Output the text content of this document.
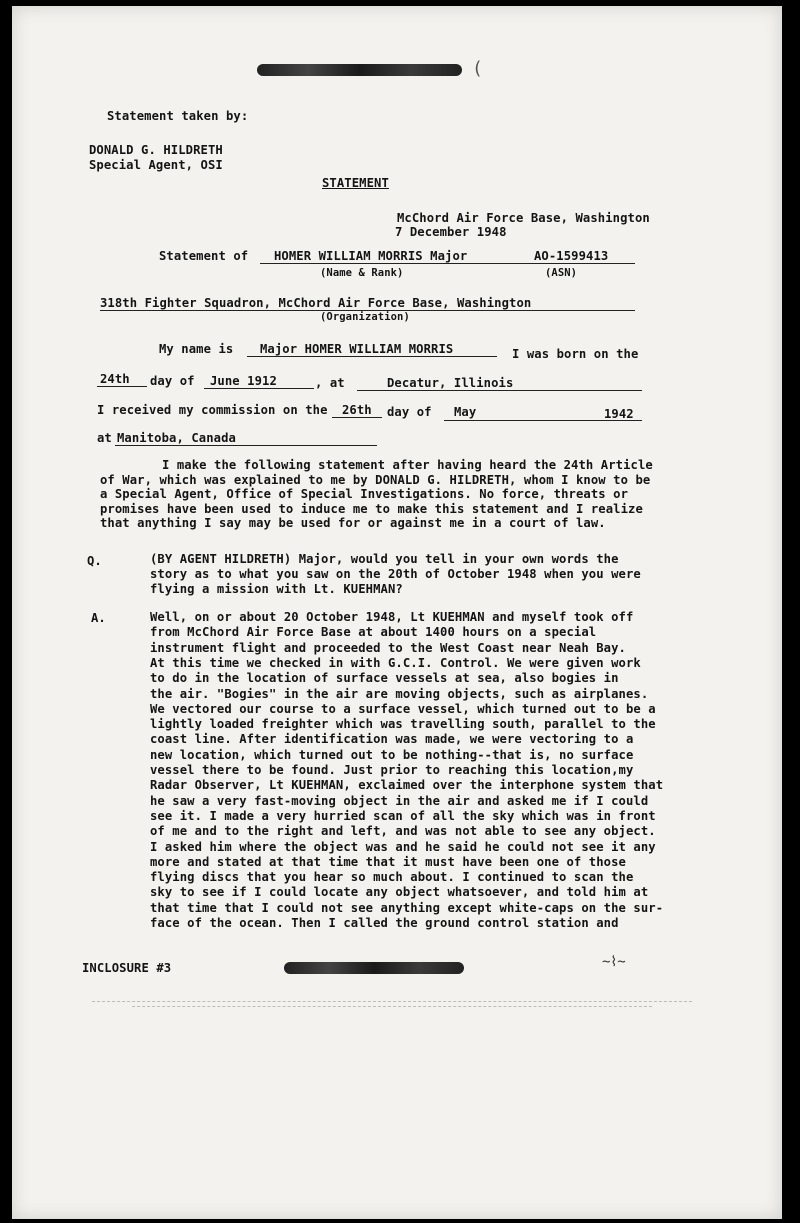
(
Statement taken by:
DONALD G. HILDRETH
Special Agent, OSI
STATEMENT
McChord Air Force Base, Washington
7 December 1948
Statement of HOMER WILLIAM MORRIS Major	AO-1599413
(Name & Rank)	(ASN)
318th Fighter Squadron, McChord Air Force Base, Washington
(Organization)
My name is Major HOMER WILLIAM MORRIS	I was born on the
24th day of June 1912	, at	Decatur, Illinois
I received my commission on the 26th day of May	1942
at Manitoba, Canada
I make the following statement after having heard the 24th Article
of War, which was explained to me by DONALD G. HILDRETH, whom I know to be
a Special Agent, Office of Special Investigations. No force, threats or
promises have been used to induce me to make this statement and I realize
that anything I say may be used for or against me in a court of law.
Q.	(BY AGENT HILDRETH) Major, would you tell in your own words the
story as to what you saw on the 20th of October 1948 when you were
flying a mission with Lt. KUEHMAN?
A.	Well, on or about 20 October 1948, Lt KUEHMAN and myself took off
from McChord Air Force Base at about 1400 hours on a special
instrument flight and proceeded to the West Coast near Neah Bay.
At this time we checked in with G.C.I. Control. We were given work
to do in the location of surface vessels at sea, also bogies in
the air. "Bogies" in the air are moving objects, such as airplanes.
We vectored our course to a surface vessel, which turned out to be a
lightly loaded freighter which was travelling south, parallel to the
coast line. After identification was made, we were vectoring to a
new location, which turned out to be nothing--that is, no surface
vessel there to be found. Just prior to reaching this location,my
Radar Observer, Lt KUEHMAN, exclaimed over the interphone system that
he saw a very fast-moving object in the air and asked me if I could
see it. I made a very hurried scan of all the sky which was in front
of me and to the right and left, and was not able to see any object.
I asked him where the object was and he said he could not see it any
more and stated at that time that it must have been one of those
flying discs that you hear so much about. I continued to scan the
sky to see if I could locate any object whatsoever, and told him at
that time that I could not see anything except white-caps on the sur-
face of the ocean. Then I called the ground control station and
INCLOSURE #3	~⌇~
